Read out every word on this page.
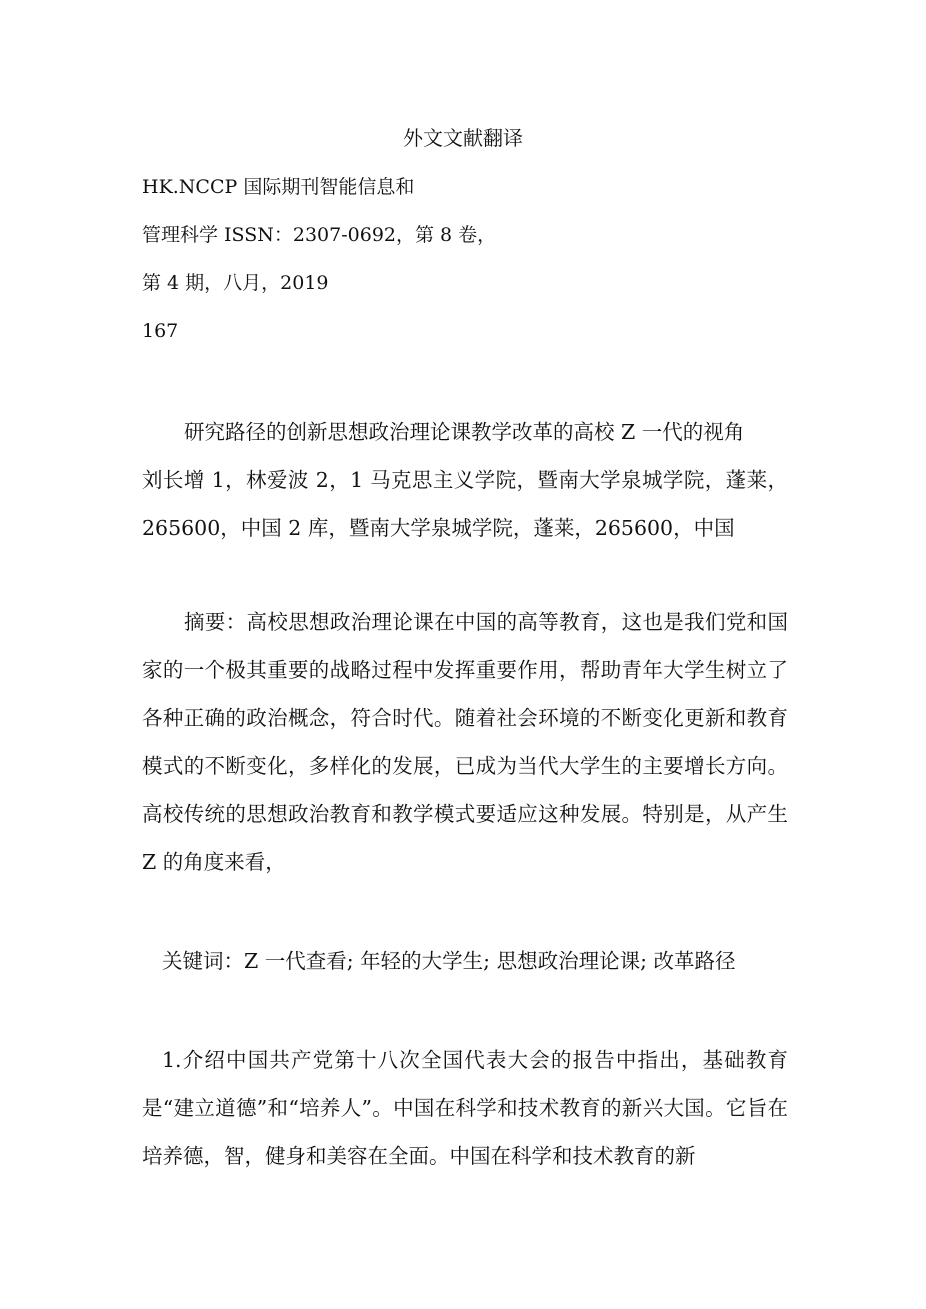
外文文献翻译
HK.NCCP 国际期刊智能信息和
管理科学 ISSN：2307-0692，第 8 卷，
第 4 期，八月，2019
167
研究路径的创新思想政治理论课教学改革的高校 Z 一代的视角
刘长增 1，林爱波 2，1 马克思主义学院，暨南大学泉城学院，蓬莱，265600，中国 2 库，暨南大学泉城学院，蓬莱，265600，中国

摘要：高校思想政治理论课在中国的高等教育，这也是我们党和国家的一个极其重要的战略过程中发挥重要作用，帮助青年大学生树立了各种正确的政治概念，符合时代。随着社会环境的不断变化更新和教育模式的不断变化，多样化的发展，已成为当代大学生的主要增长方向。高校传统的思想政治教育和教学模式要适应这种发展。特别是，从产生 Z 的角度来看，

关键词：Z 一代查看; 年轻的大学生; 思想政治理论课; 改革路径

1.介绍中国共产党第十八次全国代表大会的报告中指出，基础教育是“建立道德”和“培养人”。中国在科学和技术教育的新兴大国。它旨在培养德，智，健身和美容在全面。中国在科学和技术教育的新
